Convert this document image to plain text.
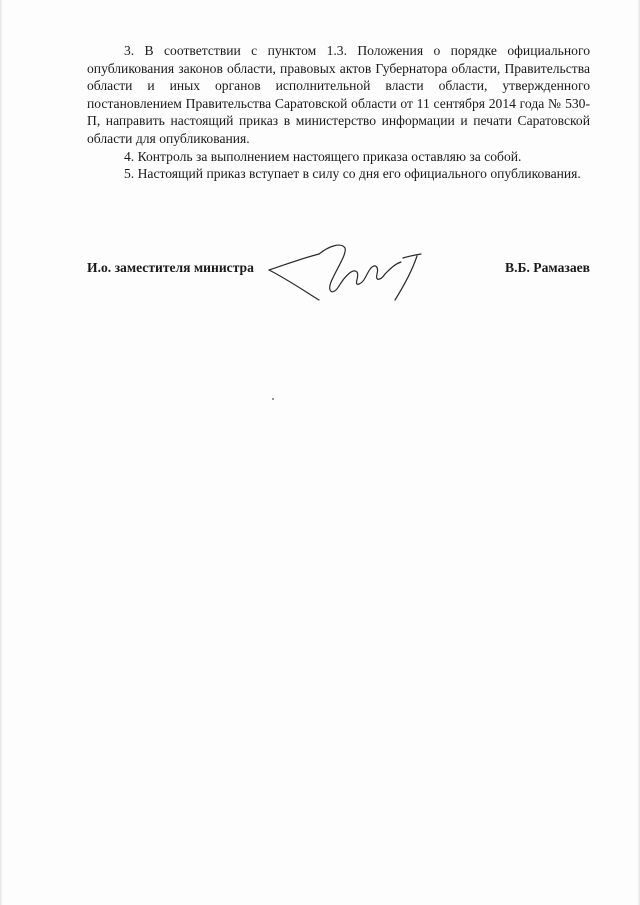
3. В соответствии с пунктом 1.3. Положения о порядке официального опубликования законов области, правовых актов Губернатора области, Правительства области и иных органов исполнительной власти области, утвержденного постановлением Правительства Саратовской области от 11 сентября 2014 года № 530-П, направить настоящий приказ в министерство информации и печати Саратовской области для опубликования.

4. Контроль за выполнением настоящего приказа оставляю за собой.

5. Настоящий приказ вступает в силу со дня его официального опубликования.

И.о. заместителя министра	В.Б. Рамазаев
